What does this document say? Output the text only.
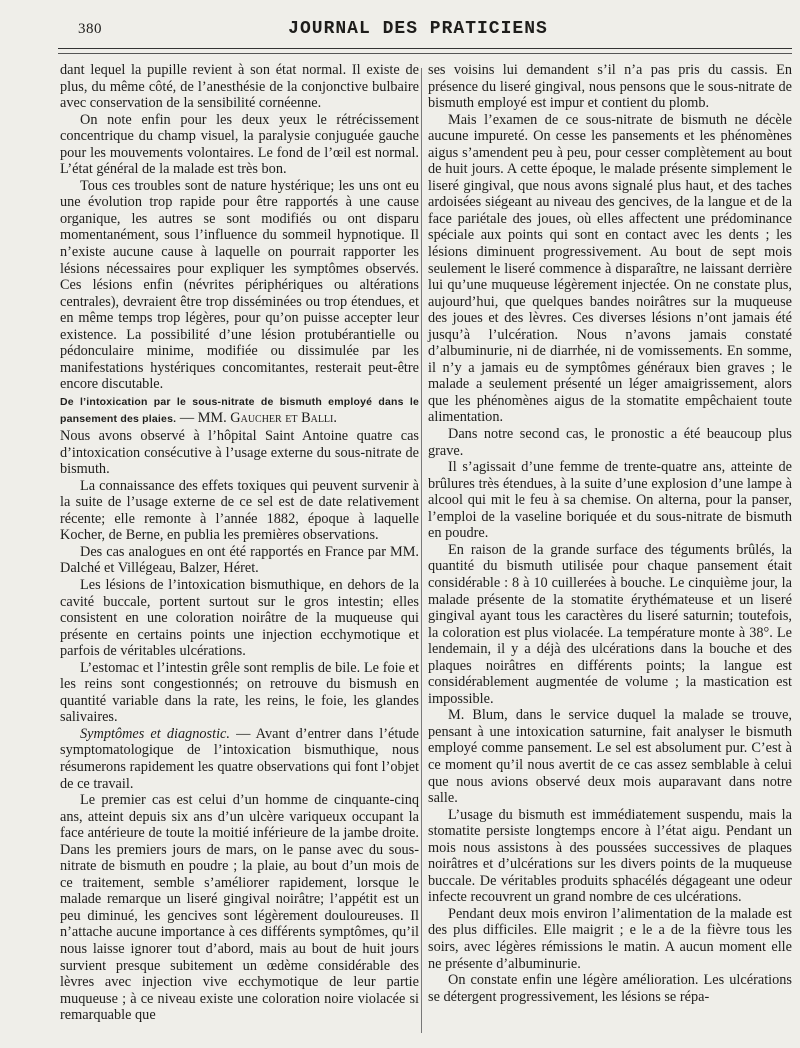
380	JOURNAL DES PRATICIENS

dant lequel la pupille revient à son état normal. Il existe de plus, du même côté, de l’anesthésie de la conjonctive bulbaire avec conservation de la sensibilité cornéenne.

On note enfin pour les deux yeux le rétrécissement concentrique du champ visuel, la paralysie conjuguée gauche pour les mouvements volontaires. Le fond de l’œil est normal. L’état général de la malade est très bon.

Tous ces troubles sont de nature hystérique; les uns ont eu une évolution trop rapide pour être rapportés à une cause organique, les autres se sont modifiés ou ont disparu momentanément, sous l’influence du sommeil hypnotique. Il n’existe aucune cause à laquelle on pourrait rapporter les lésions nécessaires pour expliquer les symptômes observés. Ces lésions enfin (névrites périphériques ou altérations centrales), devraient être trop disséminées ou trop étendues, et en même temps trop légères, pour qu’on puisse accepter leur existence. La possibilité d’une lésion protubérantielle ou pédonculaire minime, modifiée ou dissimulée par les manifestations hystériques concomitantes, resterait peut-être encore discutable.

De l’intoxication par le sous-nitrate de bismuth employé dans le pansement des plaies. — MM. Gaucher et Balli.

Nous avons observé à l’hôpital Saint Antoine quatre cas d’intoxication consécutive à l’usage externe du sous-nitrate de bismuth.

La connaissance des effets toxiques qui peuvent survenir à la suite de l’usage externe de ce sel est de date relativement récente; elle remonte à l’année 1882, époque à laquelle Kocher, de Berne, en publia les premières observations.

Des cas analogues en ont été rapportés en France par MM. Dalché et Villégeau, Balzer, Héret.

Les lésions de l’intoxication bismuthique, en dehors de la cavité buccale, portent surtout sur le gros intestin; elles consistent en une coloration noirâtre de la muqueuse qui présente en certains points une injection ecchymotique et parfois de véritables ulcérations.

L’estomac et l’intestin grêle sont remplis de bile. Le foie et les reins sont congestionnés; on retrouve du bismush en quantité variable dans la rate, les reins, le foie, les glandes salivaires.

Symptômes et diagnostic. — Avant d’entrer dans l’étude symptomatologique de l’intoxication bismuthique, nous résumerons rapidement les quatre observations qui font l’objet de ce travail.

Le premier cas est celui d’un homme de cinquante-cinq ans, atteint depuis six ans d’un ulcère variqueux occupant la face antérieure de toute la moitié inférieure de la jambe droite. Dans les premiers jours de mars, on le panse avec du sous-nitrate de bismuth en poudre ; la plaie, au bout d’un mois de ce traitement, semble s’améliorer rapidement, lorsque le malade remarque un liseré gingival noirâtre; l’appétit est un peu diminué, les gencives sont légèrement douloureuses. Il n’attache aucune importance à ces différents symptômes, qu’il nous laisse ignorer tout d’abord, mais au bout de huit jours survient presque subitement un œdème considérable des lèvres avec injection vive ecchymotique de leur partie muqueuse ; à ce niveau existe une coloration noire violacée si remarquable que

ses voisins lui demandent s’il n’a pas pris du cassis. En présence du liseré gingival, nous pensons que le sous-nitrate de bismuth employé est impur et contient du plomb.

Mais l’examen de ce sous-nitrate de bismuth ne décèle aucune impureté. On cesse les pansements et les phénomènes aigus s’amendent peu à peu, pour cesser complètement au bout de huit jours. A cette époque, le malade présente simplement le liseré gingival, que nous avons signalé plus haut, et des taches ardoisées siégeant au niveau des gencives, de la langue et de la face pariétale des joues, où elles affectent une prédominance spéciale aux points qui sont en contact avec les dents ; les lésions diminuent progressivement. Au bout de sept mois seulement le liseré commence à disparaître, ne laissant derrière lui qu’une muqueuse légèrement injectée. On ne constate plus, aujourd’hui, que quelques bandes noirâtres sur la muqueuse des joues et des lèvres. Ces diverses lésions n’ont jamais été jusqu’à l’ulcération. Nous n’avons jamais constaté d’albuminurie, ni de diarrhée, ni de vomissements. En somme, il n’y a jamais eu de symptômes généraux bien graves ; le malade a seulement présenté un léger amaigrissement, alors que les phénomènes aigus de la stomatite empêchaient toute alimentation.

Dans notre second cas, le pronostic a été beaucoup plus grave.

Il s’agissait d’une femme de trente-quatre ans, atteinte de brûlures très étendues, à la suite d’une explosion d’une lampe à alcool qui mit le feu à sa chemise. On alterna, pour la panser, l’emploi de la vaseline boriquée et du sous-nitrate de bismuth en poudre.

En raison de la grande surface des téguments brûlés, la quantité du bismuth utilisée pour chaque pansement était considérable : 8 à 10 cuillerées à bouche. Le cinquième jour, la malade présente de la stomatite érythémateuse et un liseré gingival ayant tous les caractères du liseré saturnin; toutefois, la coloration est plus violacée. La température monte à 38°. Le lendemain, il y a déjà des ulcérations dans la bouche et des plaques noirâtres en différents points; la langue est considérablement augmentée de volume ; la mastication est impossible.

M. Blum, dans le service duquel la malade se trouve, pensant à une intoxication saturnine, fait analyser le bismuth employé comme pansement. Le sel est absolument pur. C’est à ce moment qu’il nous avertit de ce cas assez semblable à celui que nous avions observé deux mois auparavant dans notre salle.

L’usage du bismuth est immédiatement suspendu, mais la stomatite persiste longtemps encore à l’état aigu. Pendant un mois nous assistons à des poussées successives de plaques noirâtres et d’ulcérations sur les divers points de la muqueuse buccale. De véritables produits sphacélés dégageant une odeur infecte recouvrent un grand nombre de ces ulcérations.

Pendant deux mois environ l’alimentation de la malade est des plus difficiles. Elle maigrit ; e le a de la fièvre tous les soirs, avec légères rémissions le matin. A aucun moment elle ne présente d’albuminurie.

On constate enfin une légère amélioration. Les ulcérations se détergent progressivement, les lésions se répa-
